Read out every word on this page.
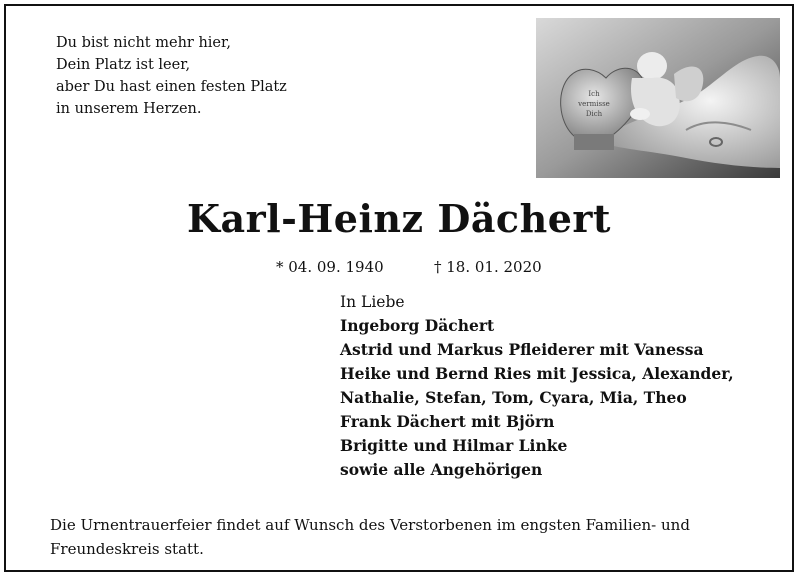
Du bist nicht mehr hier,
Dein Platz ist leer,
aber Du hast einen festen Platz
in unserem Herzen.
Ich
vermisse
Dich
Karl-Heinz Dächert
* 04. 09. 1940	† 18. 01. 2020
In Liebe
Ingeborg Dächert
Astrid und Markus Pfleiderer mit Vanessa
Heike und Bernd Ries mit Jessica, Alexander,
Nathalie, Stefan, Tom, Cyara, Mia, Theo
Frank Dächert mit Björn
Brigitte und Hilmar Linke
sowie alle Angehörigen
Die Urnentrauerfeier findet auf Wunsch des Verstorbenen im engsten Familien- und Freundeskreis statt.
